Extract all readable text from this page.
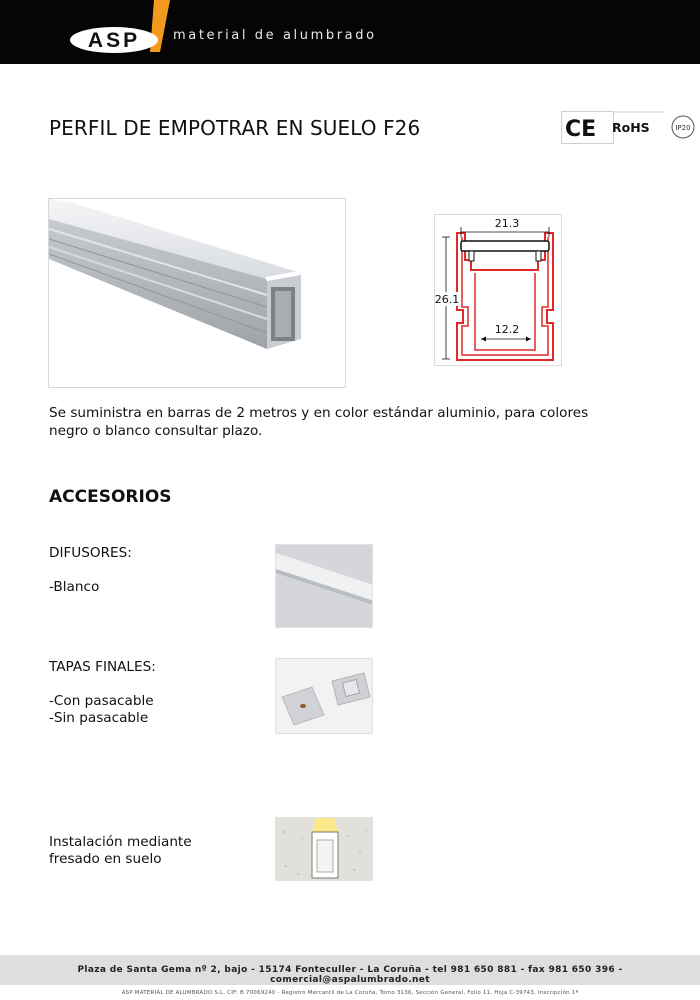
ASP	material de alumbrado
PERFIL DE EMPOTRAR EN SUELO F26	CE RoHS	IP20
21.3
26.1
12.2
Se suministra en barras de 2 metros y en color estándar aluminio, para colores
negro o blanco consultar plazo.
ACCESORIOS
DIFUSORES:
-Blanco
TAPAS FINALES:
-Con pasacable
-Sin pasacable
Instalación mediante
fresado en suelo
Plaza de Santa Gema nº 2, bajo - 15174 Fonteculler - La Coruña - tel 981 650 881 - fax 981 650 396 - comercial@aspalumbrado.net
ASP MATERIAL DE ALUMBRADO S.L. CIF: B 70069240 - Registro Mercantil de La Coruña, Tomo 3136, Sección General, Folio 11, Hoja C-39743, Inscripción 1ª
